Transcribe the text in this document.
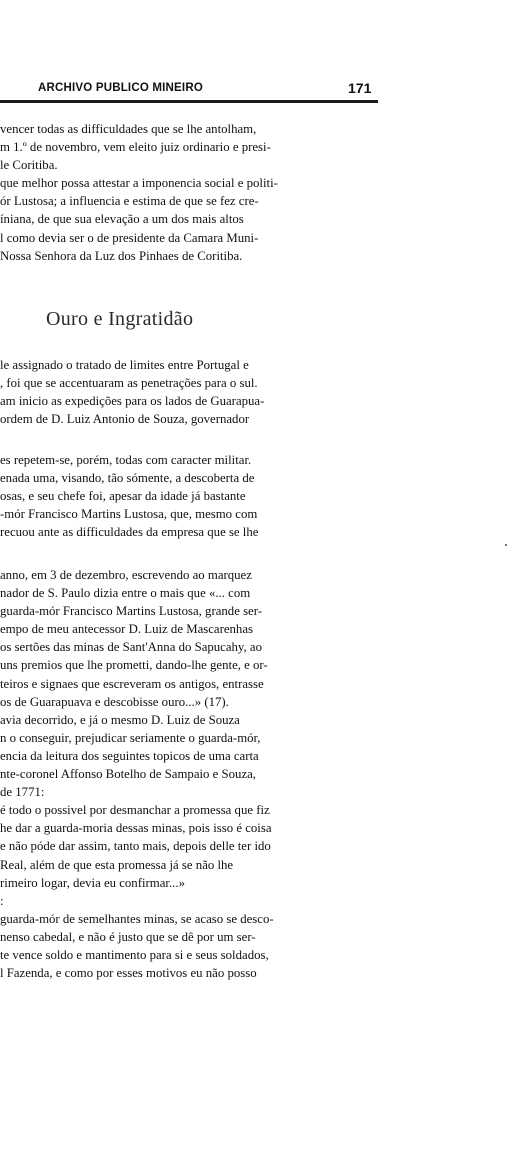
ARCHIVO PUBLICO MINEIRO	171
vencer todas as difficuldades que se lhe antolham,
m 1.º de novembro, vem eleito juiz ordinario e presi-
le Coritiba.
que melhor possa attestar a imponencia social e politi-
ór Lustosa; a influencia e estima de que se fez cre-
íniana, de que sua elevação a um dos mais altos
l como devia ser o de presidente da Camara Muni-
Nossa Senhora da Luz dos Pinhaes de Coritiba.
Ouro e Ingratidão
le assignado o tratado de limites entre Portugal e
, foi que se accentuaram as penetrações para o sul.
am inicio as expedições para os lados de Guarapua-
ordem de D. Luiz Antonio de Souza, governador
es repetem-se, porém, todas com caracter militar.
enada uma, visando, tão sómente, a descoberta de
osas, e seu chefe foi, apesar da idade já bastante
-mór Francisco Martins Lustosa, que, mesmo com
recuou ante as difficuldades da empresa que se lhe
anno, em 3 de dezembro, escrevendo ao marquez
nador de S. Paulo dizia entre o mais que «... com
guarda-mór Francisco Martins Lustosa, grande ser-
empo de meu antecessor D. Luiz de Mascarenhas
os sertões das minas de Sant'Anna do Sapucahy, ao
uns premios que lhe prometti, dando-lhe gente, e or-
teiros e signaes que escreveram os antigos, entrasse
os de Guarapuava e descobisse ouro...» (17).
avia decorrido, e já o mesmo D. Luiz de Souza
n o conseguir, prejudicar seriamente o guarda-mór,
encia da leitura dos seguintes topicos de uma carta
nte-coronel Affonso Botelho de Sampaio e Souza,
de 1771:
é todo o possivel por desmanchar a promessa que fiz
he dar a guarda-moria dessas minas, pois isso é coisa
e não póde dar assim, tanto mais, depois delle ter ido
Real, além de que esta promessa já se não lhe
rimeiro logar, devia eu confirmar...»
:
guarda-mór de semelhantes minas, se acaso se desco-
nenso cabedal, e não é justo que se dê por um ser-
te vence soldo e mantimento para si e seus soldados,
l Fazenda, e como por esses motivos eu não posso
